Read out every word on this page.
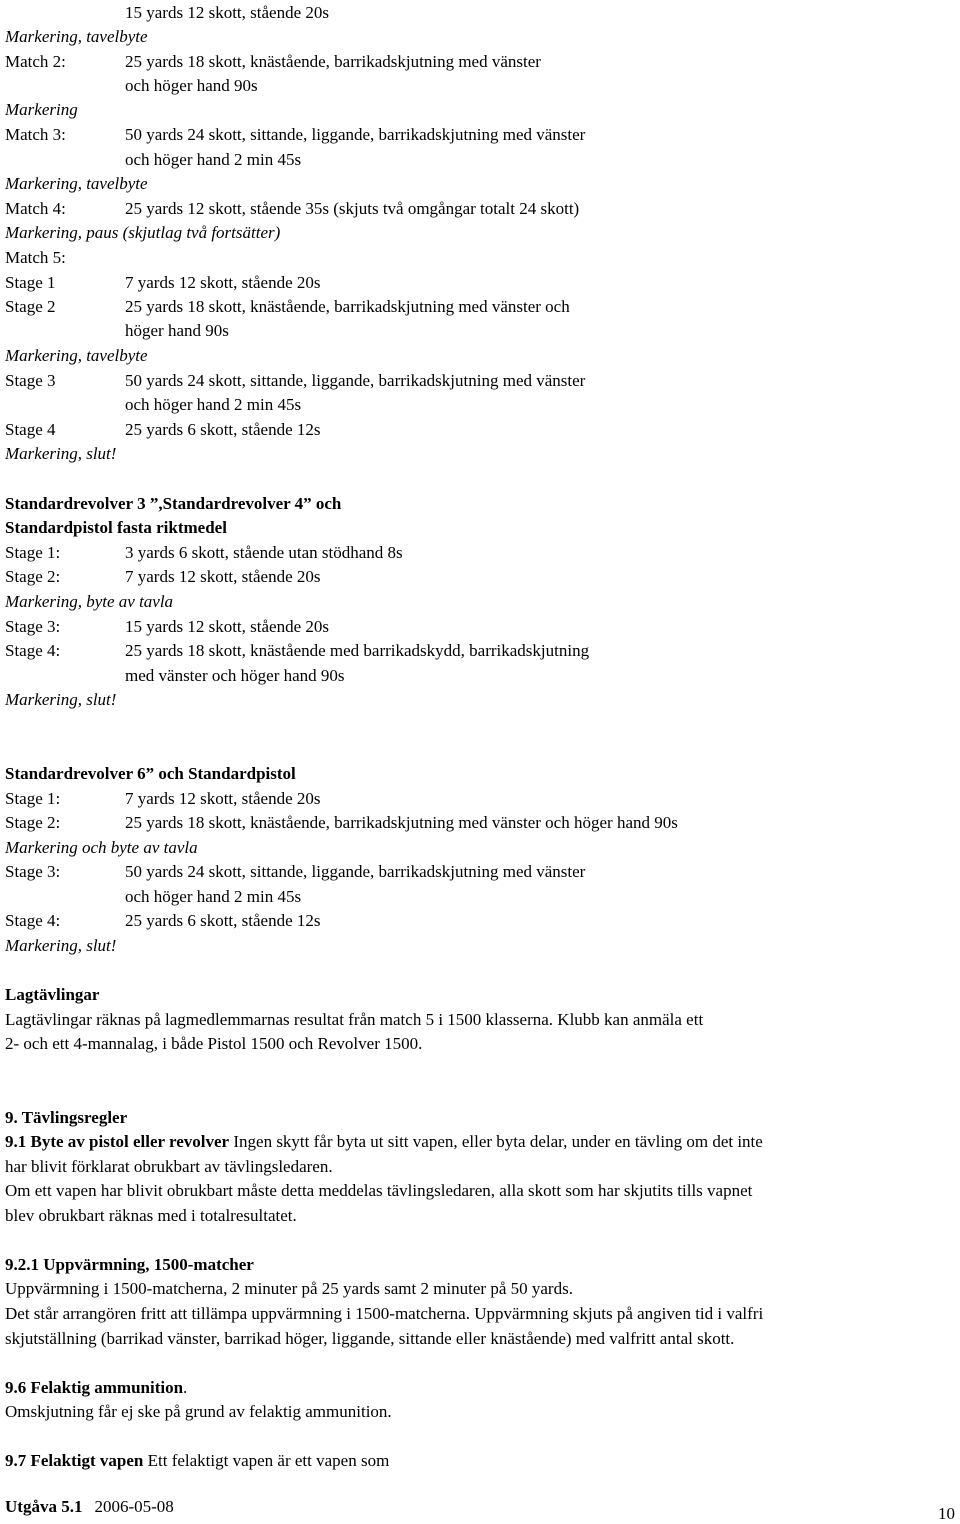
15 yards 12 skott, stående 20s
Markering, tavelbyte
Match 2:	25 yards 18 skott, knästående, barrikadskjutning med vänster
och höger hand 90s
Markering
Match 3:	50 yards 24 skott, sittande, liggande, barrikadskjutning med vänster
och höger hand 2 min 45s
Markering, tavelbyte
Match 4:	25 yards 12 skott, stående 35s (skjuts två omgångar totalt 24 skott)
Markering, paus (skjutlag två fortsätter)
Match 5:
Stage 1	7 yards 12 skott, stående 20s
Stage 2	25 yards 18 skott, knästående, barrikadskjutning med vänster och
höger hand 90s
Markering, tavelbyte
Stage 3	50 yards 24 skott, sittande, liggande, barrikadskjutning med vänster
och höger hand 2 min 45s
Stage 4	25 yards 6 skott, stående 12s
Markering, slut!
Standardrevolver 3 ”,Standardrevolver 4” och
Standardpistol fasta riktmedel
Stage 1:	3 yards 6 skott, stående utan stödhand 8s
Stage 2:	7 yards 12 skott, stående 20s
Markering, byte av tavla
Stage 3:	15 yards 12 skott, stående 20s
Stage 4:	25 yards 18 skott, knästående med barrikadskydd, barrikadskjutning
med vänster och höger hand 90s
Markering, slut!
Standardrevolver 6” och Standardpistol
Stage 1:	7 yards 12 skott, stående 20s
Stage 2:	25 yards 18 skott, knästående, barrikadskjutning med vänster och höger hand 90s
Markering och byte av tavla
Stage 3:	50 yards 24 skott, sittande, liggande, barrikadskjutning med vänster
och höger hand 2 min 45s
Stage 4:	25 yards 6 skott, stående 12s
Markering, slut!
Lagtävlingar
Lagtävlingar räknas på lagmedlemmarnas resultat från match 5 i 1500 klasserna. Klubb kan anmäla ett
2- och ett 4-mannalag, i både Pistol 1500 och Revolver 1500.
9. Tävlingsregler
9.1 Byte av pistol eller revolver Ingen skytt får byta ut sitt vapen, eller byta delar, under en tävling om det inte
har blivit förklarat obrukbart av tävlingsledaren.
Om ett vapen har blivit obrukbart måste detta meddelas tävlingsledaren, alla skott som har skjutits tills vapnet
blev obrukbart räknas med i totalresultatet.
9.2.1 Uppvärmning, 1500-matcher
Uppvärmning i 1500-matcherna, 2 minuter på 25 yards samt 2 minuter på 50 yards.
Det står arrangören fritt att tillämpa uppvärmning i 1500-matcherna. Uppvärmning skjuts på angiven tid i valfri
skjutställning (barrikad vänster, barrikad höger, liggande, sittande eller knästående) med valfritt antal skott.
9.6 Felaktig ammunition.
Omskjutning får ej ske på grund av felaktig ammunition.
9.7 Felaktigt vapen Ett felaktigt vapen är ett vapen som
Utgåva 5.1 2006-05-08	10
